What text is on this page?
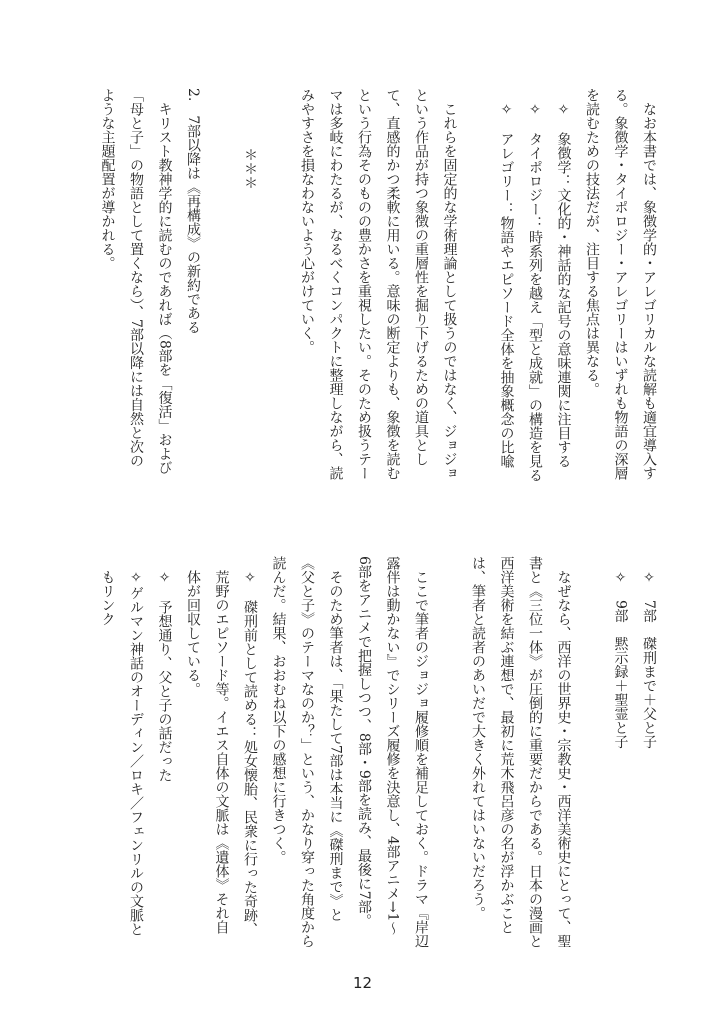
なお本書では、象徴学的・アレゴリカルな読解も適宜導入す
る。象徴学・タイポロジー・アレゴリーはいずれも物語の深層
を読むための技法だが、注目する焦点は異なる。
✧　象徴学：文化的・神話的な記号の意味連関に注目する
✧　タイポロジー：時系列を越え「型と成就」の構造を見る
✧　アレゴリー：物語やエピソード全体を抽象概念の比喩
これらを固定的な学術理論として扱うのではなく、ジョジョ
という作品が持つ象徴の重層性を掘り下げるための道具とし
て、直感的かつ柔軟に用いる。意味の断定よりも、象徴を読む
という行為そのものの豊かさを重視したい。そのため扱うテー
マは多岐にわたるが、なるべくコンパクトに整理しながら、読
みやすさを損なわないよう心がけていく。
＊＊＊
2.　7部以降は《再構成》の新約である
キリスト教神学的に読むのであれば（8部を「復活」および
「母と子」の物語として置くなら）、7部以降には自然と次の
ような主題配置が導かれる。
✧　7部　磔刑まで＋父と子
✧　9部　黙示録＋聖霊と子
なぜなら、西洋の世界史・宗教史・西洋美術史にとって、聖
書と《三位一体》が圧倒的に重要だからである。日本の漫画と
西洋美術を結ぶ連想で、最初に荒木飛呂彦の名が浮かぶこと
は、筆者と読者のあいだで大きく外れてはいないだろう。
ここで筆者のジョジョ履修順を補足しておく。ドラマ『岸辺
露伴は動かない』でシリーズ履修を決意し、4部アニメ→1〜
6部をアニメで把握しつつ、8部・9部を読み、最後に7部。
そのため筆者は、「果たして7部は本当に《磔刑まで》と
《父と子》のテーマなのか？」という、かなり穿った角度から
読んだ。結果、おおむね以下の感想に行きつく。
✧　磔刑前として読める：処女懐胎、民衆に行った奇跡、
荒野のエピソード等。イエス自体の文脈は《遺体》それ自
体が回収している。
✧　予想通り、父と子の話だった
✧ゲルマン神話のオーディン／ロキ／フェンリルの文脈と
もリンク
12
